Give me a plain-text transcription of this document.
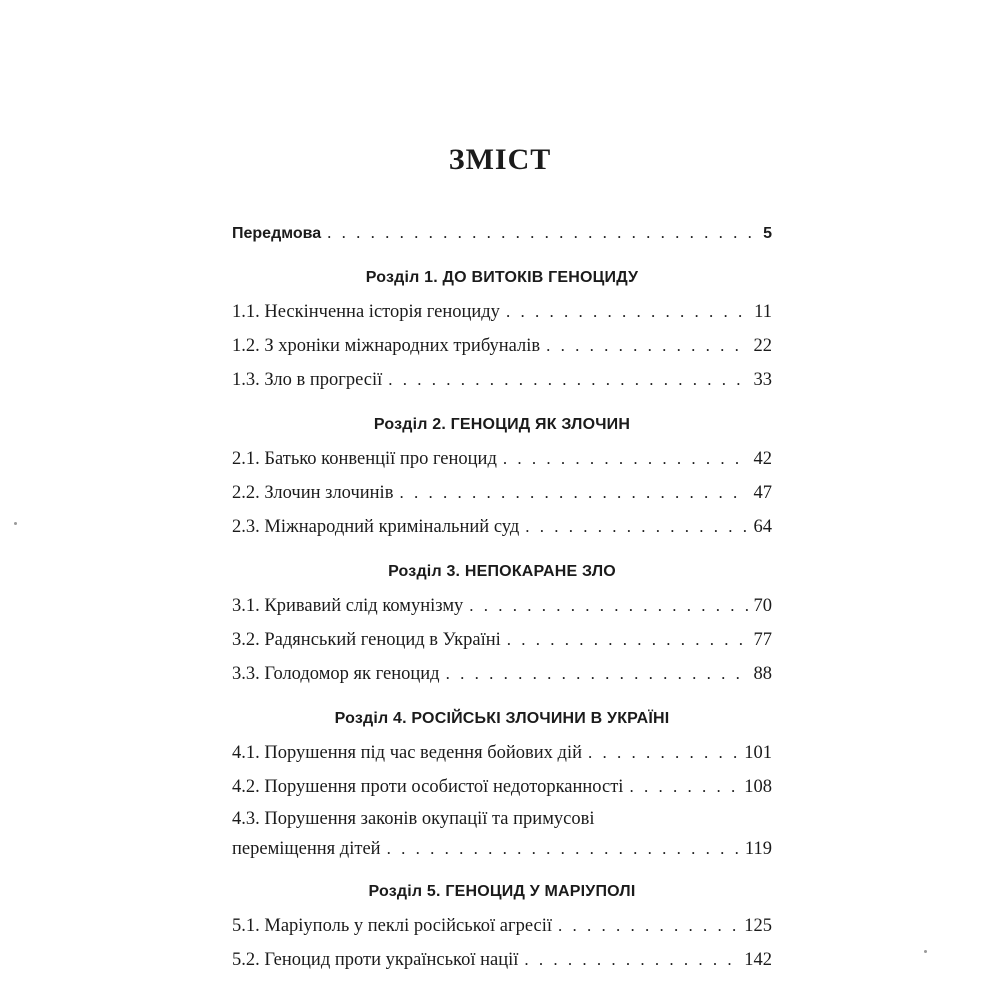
ЗМІСТ
Передмова . . .	5
Розділ 1. ДО ВИТОКІВ ГЕНОЦИДУ
1.1. Нескінченна історія геноциду . . .	11
1.2. З хроніки міжнародних трибуналів . . .	22
1.3. Зло в прогресії . . .	33
Розділ 2. ГЕНОЦИД ЯК ЗЛОЧИН
2.1. Батько конвенції про геноцид . . .	42
2.2. Злочин злочинів . . .	47
2.3. Міжнародний кримінальний суд . . .	64
Розділ 3. НЕПОКАРАНЕ ЗЛО
3.1. Кривавий слід комунізму . . .	70
3.2. Радянський геноцид в Україні . . .	77
3.3. Голодомор як геноцид . . .	88
Розділ 4. РОСІЙСЬКІ ЗЛОЧИНИ В УКРАЇНІ
4.1. Порушення під час ведення бойових дій . . .	101
4.2. Порушення проти особистої недоторканності . . .	108
4.3. Порушення законів окупації та примусові
переміщення дітей . . .	119
Розділ 5. ГЕНОЦИД У МАРІУПОЛІ
5.1. Маріуполь у пеклі російської агресії . . .	125
5.2. Геноцид проти української нації . . .	142
